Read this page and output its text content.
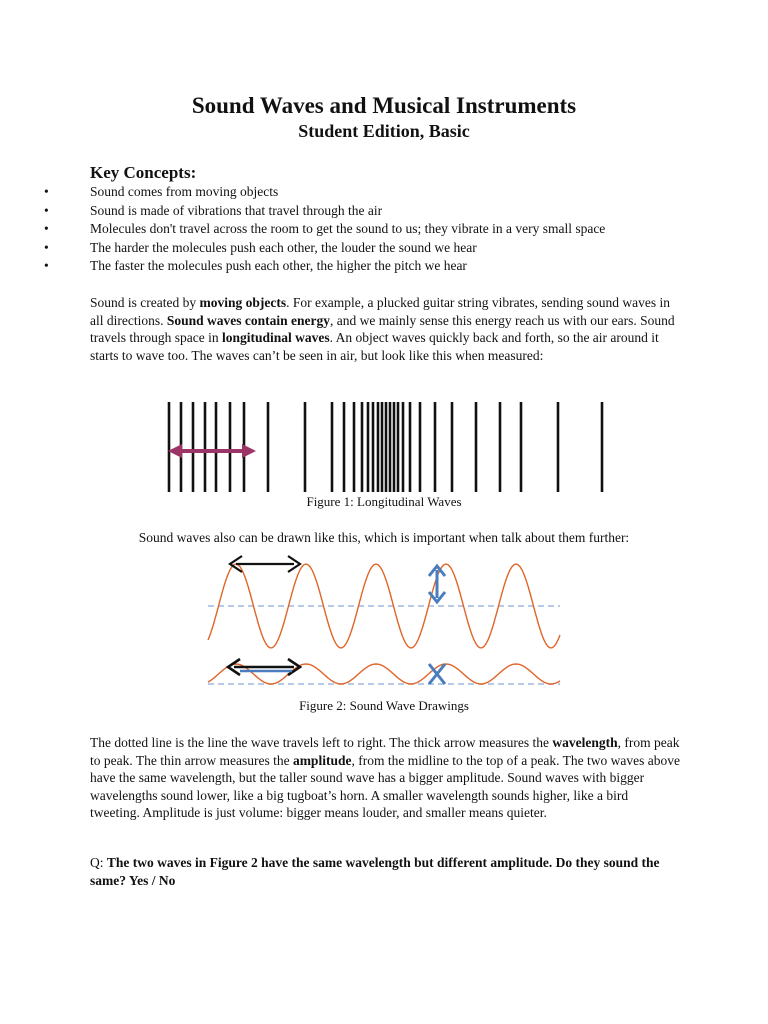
Sound Waves and Musical Instruments
Student Edition, Basic
Key Concepts:
•	Sound comes from moving objects
•	Sound is made of vibrations that travel through the air
•	Molecules don't travel across the room to get the sound to us; they vibrate in a very small space
•	The harder the molecules push each other, the louder the sound we hear
•	The faster the molecules push each other, the higher the pitch we hear

Sound is created by moving objects. For example, a plucked guitar string vibrates, sending sound waves in all directions. Sound waves contain energy, and we mainly sense this energy reach us with our ears. Sound travels through space in longitudinal waves. An object waves quickly back and forth, so the air around it starts to wave too. The waves can’t be seen in air, but look like this when measured:

Figure 1: Longitudinal Waves
Sound waves also can be drawn like this, which is important when talk about them further:
Figure 2: Sound Wave Drawings

The dotted line is the line the wave travels left to right. The thick arrow measures the wavelength, from peak to peak. The thin arrow measures the amplitude, from the midline to the top of a peak. The two waves above have the same wavelength, but the taller sound wave has a bigger amplitude. Sound waves with bigger wavelengths sound lower, like a big tugboat’s horn. A smaller wavelength sounds higher, like a bird tweeting. Amplitude is just volume: bigger means louder, and smaller means quieter.

Q: The two waves in Figure 2 have the same wavelength but different amplitude. Do they sound the same? Yes / No
